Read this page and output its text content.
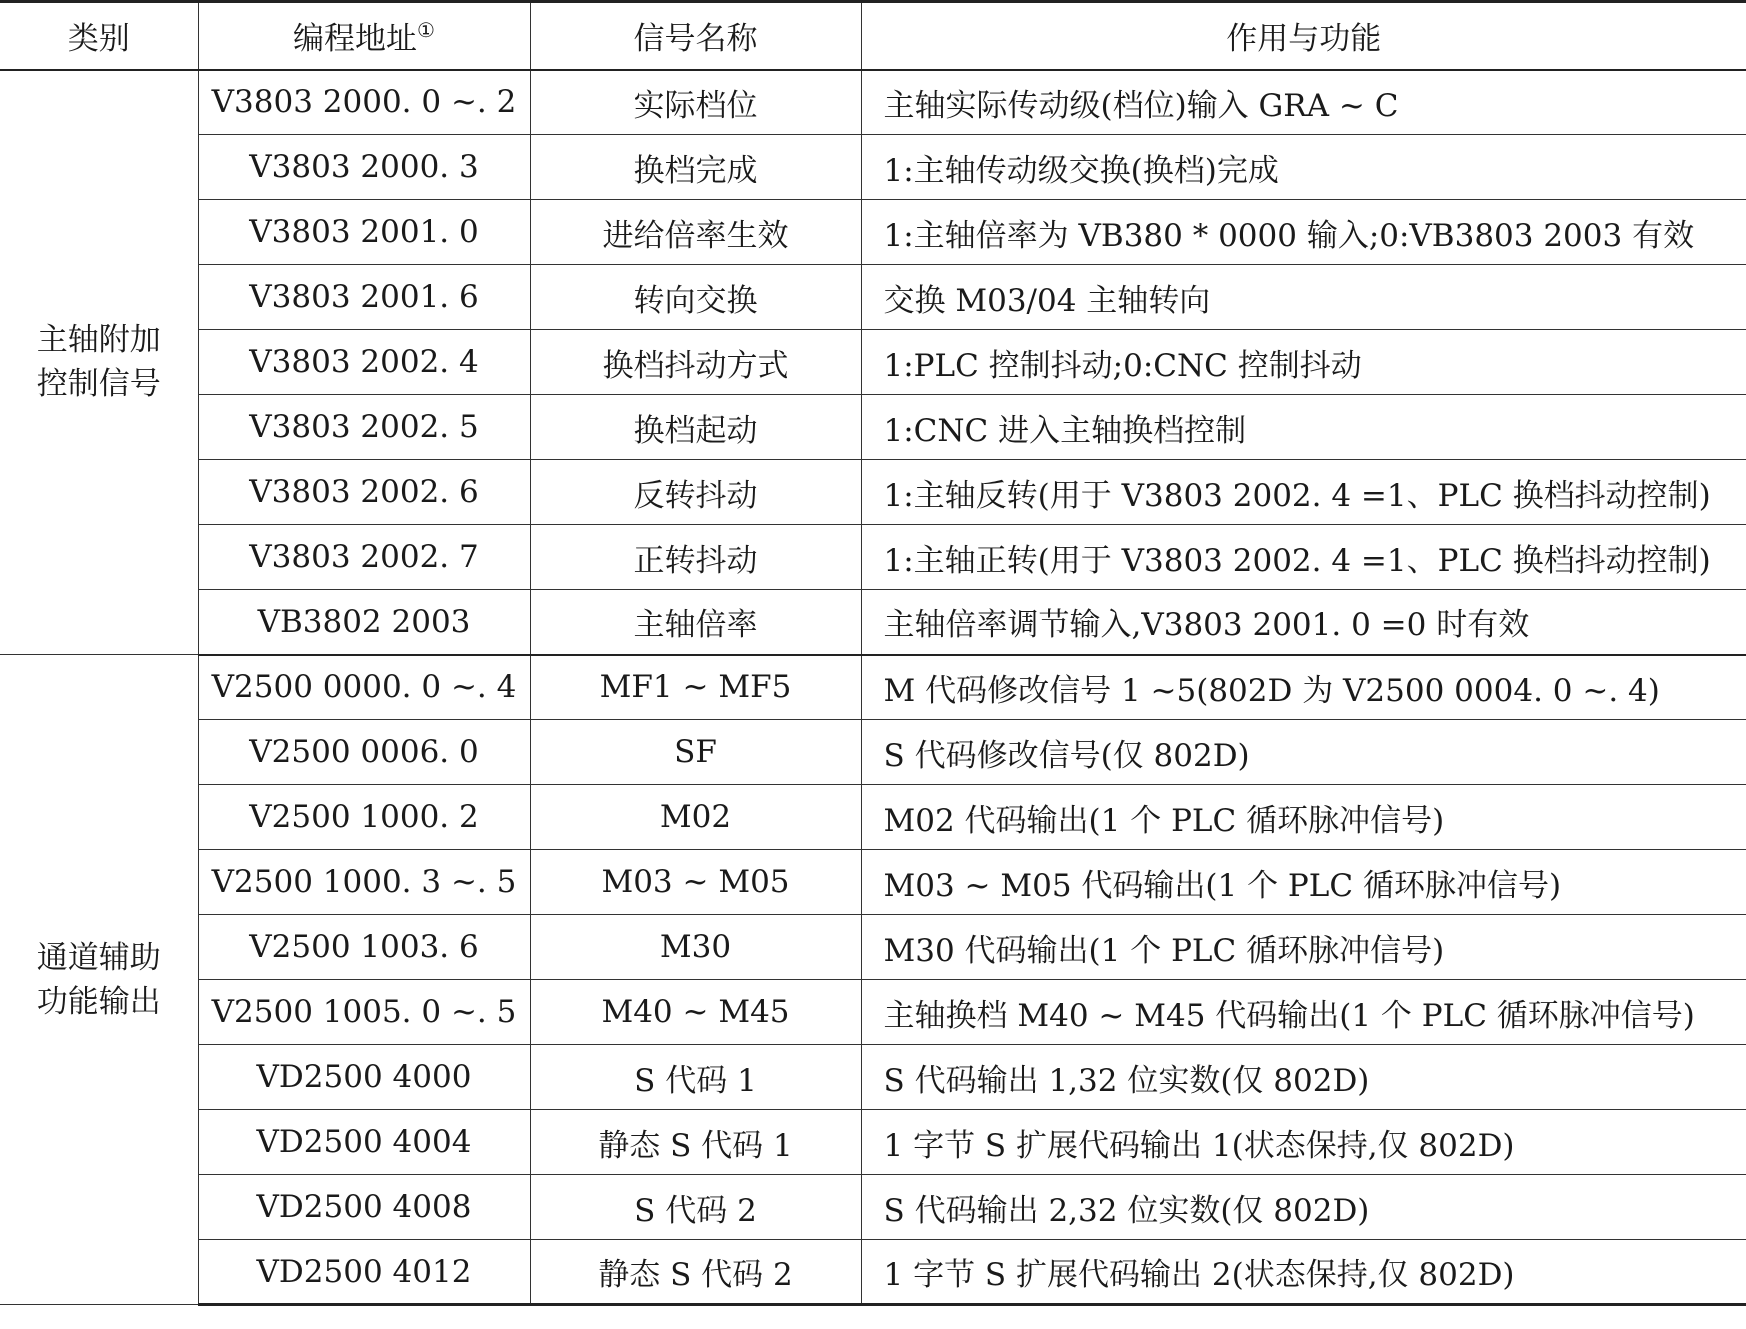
类别	编程地址①	信号名称	作用与功能

主轴附加
控制信号	V3803 2000. 0 ~. 2	实际档位	主轴实际传动级(档位)输入 GRA ~ C
	V3803 2000. 3	换档完成	1:主轴传动级交换(换档)完成
	V3803 2001. 0	进给倍率生效	1:主轴倍率为 VB380 * 0000 输入;0:VB3803 2003 有效
	V3803 2001. 6	转向交换	交换 M03/04 主轴转向
	V3803 2002. 4	换档抖动方式	1:PLC 控制抖动;0:CNC 控制抖动
	V3803 2002. 5	换档起动	1:CNC 进入主轴换档控制
	V3803 2002. 6	反转抖动	1:主轴反转(用于 V3803 2002. 4 =1、PLC 换档抖动控制)
	V3803 2002. 7	正转抖动	1:主轴正转(用于 V3803 2002. 4 =1、PLC 换档抖动控制)
	VB3802 2003	主轴倍率	主轴倍率调节输入,V3803 2001. 0 =0 时有效

通道辅助
功能输出	V2500 0000. 0 ~. 4	MF1 ~ MF5	M 代码修改信号 1 ~5(802D 为 V2500 0004. 0 ~. 4)
	V2500 0006. 0	SF	S 代码修改信号(仅 802D)
	V2500 1000. 2	M02	M02 代码输出(1 个 PLC 循环脉冲信号)
	V2500 1000. 3 ~. 5	M03 ~ M05	M03 ~ M05 代码输出(1 个 PLC 循环脉冲信号)
	V2500 1003. 6	M30	M30 代码输出(1 个 PLC 循环脉冲信号)
	V2500 1005. 0 ~. 5	M40 ~ M45	主轴换档 M40 ~ M45 代码输出(1 个 PLC 循环脉冲信号)
	VD2500 4000	S 代码 1	S 代码输出 1,32 位实数(仅 802D)
	VD2500 4004	静态 S 代码 1	1 字节 S 扩展代码输出 1(状态保持,仅 802D)
	VD2500 4008	S 代码 2	S 代码输出 2,32 位实数(仅 802D)
	VD2500 4012	静态 S 代码 2	1 字节 S 扩展代码输出 2(状态保持,仅 802D)
